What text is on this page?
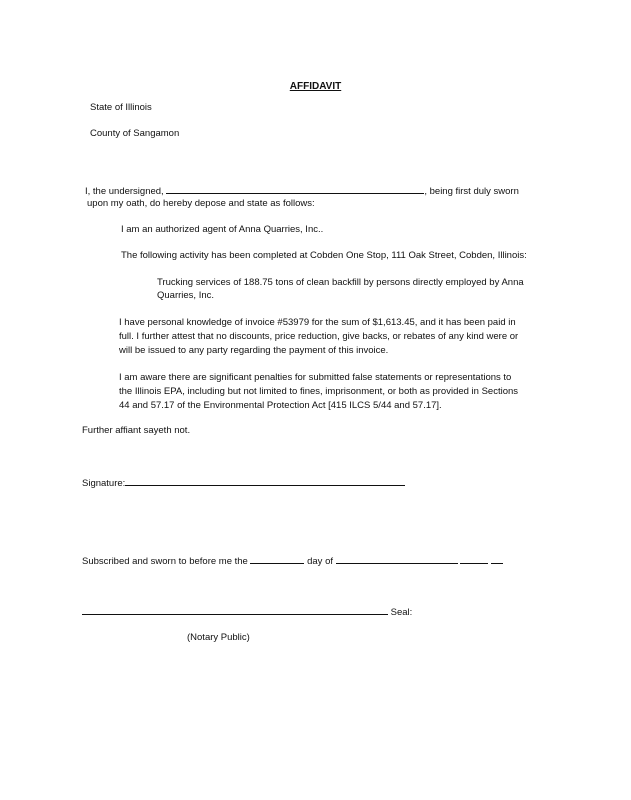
AFFIDAVIT
State of Illinois
County of Sangamon
I, the undersigned,	, being first duly sworn
upon my oath, do hereby depose and state as follows:
I am an authorized agent of Anna Quarries, Inc..
The following activity has been completed at Cobden One Stop, 111 Oak Street, Cobden, Illinois:
Trucking services of 188.75 tons of clean backfill by persons directly employed by Anna
Quarries, Inc.
I have personal knowledge of invoice #53979 for the sum of $1,613.45, and it has been paid in
full. I further attest that no discounts, price reduction, give backs, or rebates of any kind were or
will be issued to any party regarding the payment of this invoice.
I am aware there are significant penalties for submitted false statements or representations to
the Illinois EPA, including but not limited to fines, imprisonment, or both as provided in Sections
44 and 57.17 of the Environmental Protection Act [415 ILCS 5/44 and 57.17].
Further affiant sayeth not.
Signature:
Subscribed and sworn to before me the	day of
Seal:
(Notary Public)
